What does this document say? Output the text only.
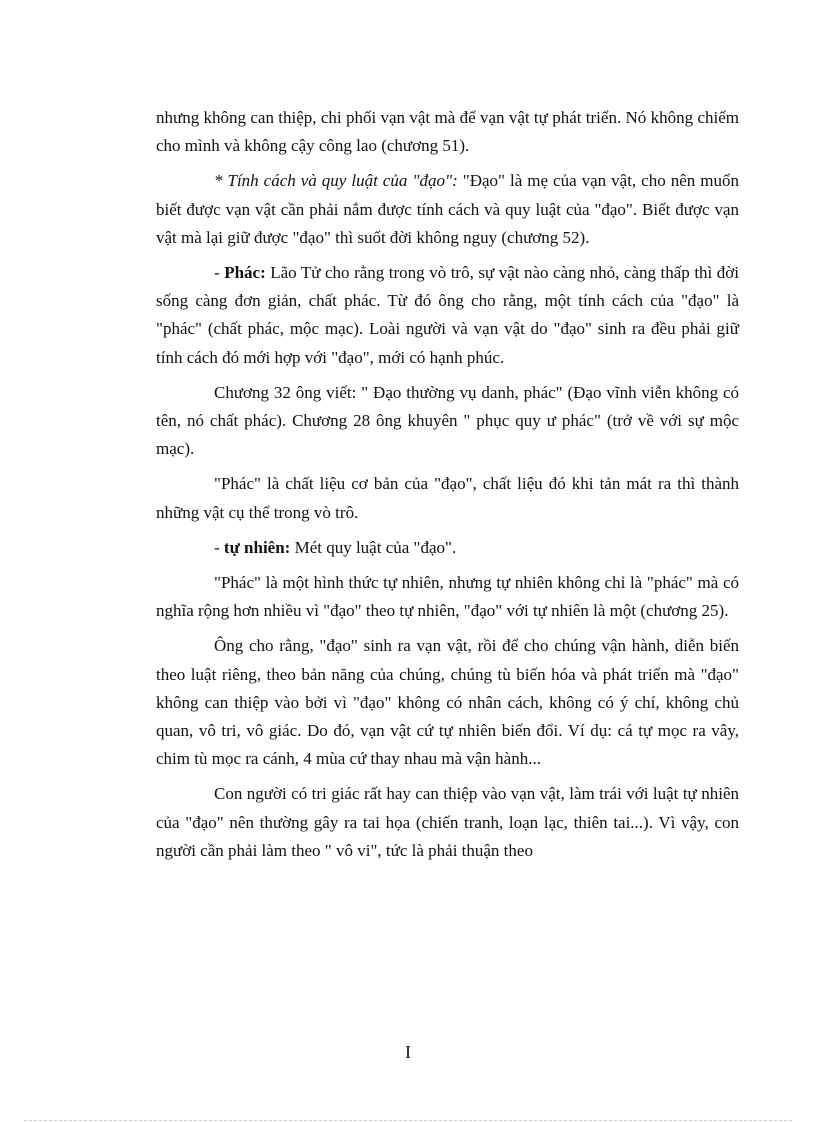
nhưng không can thiệp, chi phối vạn vật mà để vạn vật tự phát triển. Nó không chiếm cho mình và không cậy công lao (chương 51).

* Tính cách và quy luật của "đạo": "Đạo" là mẹ của vạn vật, cho nên muốn biết được vạn vật cần phải nắm được tính cách và quy luật của "đạo". Biết được vạn vật mà lại giữ được "đạo" thì suốt đời không nguy (chương 52).

- Phác: Lão Tử cho rằng trong vò trô, sự vật nào càng nhỏ, càng thấp thì đời sống càng đơn giản, chất phác. Từ đó ông cho rằng, một tính cách của "đạo" là "phác" (chất phác, mộc mạc). Loài người và vạn vật do "đạo" sinh ra đều phải giữ tính cách đó mới hợp với "đạo", mới có hạnh phúc.

Chương 32 ông viết: " Đạo thường vụ danh, phác" (Đạo vĩnh viễn không có tên, nó chất phác). Chương 28 ông khuyên " phục quy ư phác" (trở về với sự mộc mạc).

"Phác" là chất liệu cơ bản của "đạo", chất liệu đó khi tản mát ra thì thành những vật cụ thể trong vò trô.

- tự nhiên: Mét quy luật của "đạo".

"Phác" là một hình thức tự nhiên, nhưng tự nhiên không chỉ là "phác" mà có nghĩa rộng hơn nhiều vì "đạo" theo tự nhiên, "đạo" với tự nhiên là một (chương 25).

Ông cho rằng, "đạo" sinh ra vạn vật, rồi để cho chúng vận hành, diễn biến theo luật riêng, theo bản năng của chúng, chúng tù biến hóa và phát triển mà "đạo" không can thiệp vào bởi vì "đạo" không có nhân cách, không có ý chí, không chủ quan, vô tri, vô giác. Do đó, vạn vật cứ tự nhiên biến đổi. Ví dụ: cá tự mọc ra vây, chim tù mọc ra cánh, 4 mùa cứ thay nhau mà vận hành...

Con người có tri giác rất hay can thiệp vào vạn vật, làm trái với luật tự nhiên của "đạo" nên thường gây ra tai họa (chiến tranh, loạn lạc, thiên tai...). Vì vậy, con người cần phải làm theo " vô vi", tức là phải thuận theo

I
